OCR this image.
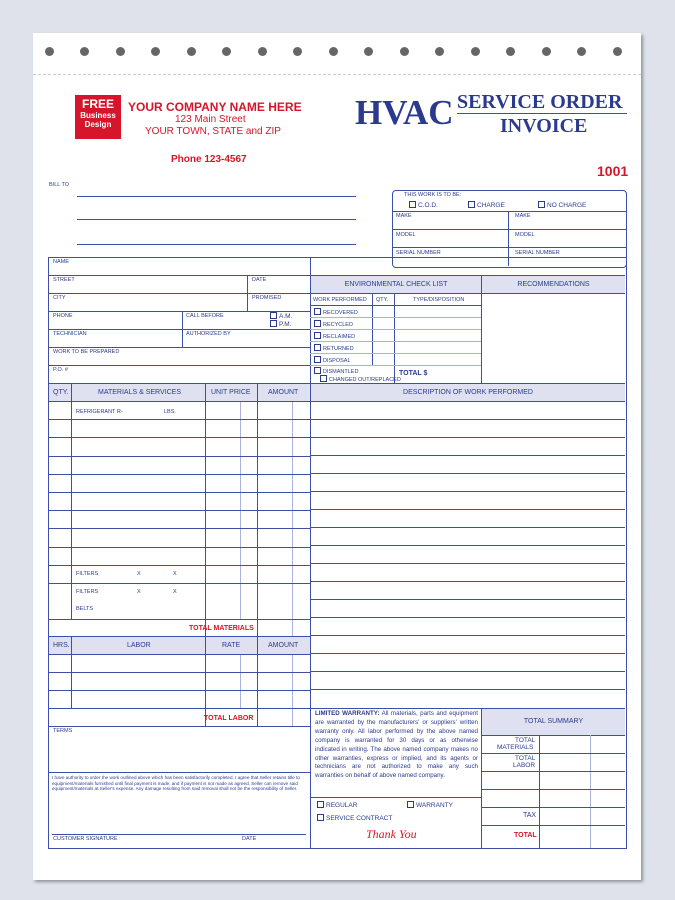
FREE
Business
Design
YOUR COMPANY NAME HERE
123 Main Street
YOUR TOWN, STATE and ZIP
Phone 123-4567
HVAC SERVICE ORDER
INVOICE
1001
BILL TO
THIS WORK IS TO BE:
C.O.D.	CHARGE	NO CHARGE
MAKE	MAKE
MODEL	MODEL
SERIAL NUMBER	SERIAL NUMBER
NAME
STREET	DATE
CITY	PROMISED
PHONE	CALL BEFORE	A.M.
P.M.
TECHNICIAN	AUTHORIZED BY
WORK TO BE PREPARED
P.O. #
ENVIRONMENTAL CHECK LIST	RECOMMENDATIONS
WORK PERFORMED QTY.	TYPE/DISPOSITION
RECOVERED
RECYCLED
RECLAIMED
RETURNED
DISPOSAL
DISMANTLED
CHANGED OUT/REPLACED
TOTAL $
DESCRIPTION OF WORK PERFORMED
QTY.	MATERIALS & SERVICES	UNIT PRICE AMOUNT
REFRIGERANT R-	LBS.
FILTERS	X	X
FILTERS	X	X
BELTS
TOTAL MATERIALS
HRS.	LABOR	RATE	AMOUNT
TOTAL LABOR
TERMS
I have authority to order the work outlined above which has been satisfactorily completed. I agree that Seller retains title to equipment/materials furnished until final payment is made, and if payment is not made as agreed, Seller can remove said equipment/materials at Seller's expense. Any damage resulting from said removal shall not be the responsibility of Seller.
CUSTOMER SIGNATURE	DATE
LIMITED WARRANTY: All materials, parts and equipment are warranted by the manufacturers' or suppliers' written warranty only. All labor performed by the above named company is warranted for 30 days or as otherwise indicated in writing. The above named company makes no other warranties, express or implied, and its agents or technicians are not authorized to make any such warranties on behalf of above named company.
REGULAR	WARRANTY
SERVICE CONTRACT
Thank You
TOTAL SUMMARY
TOTAL
MATERIALS
TOTAL
LABOR
TAX
TOTAL
